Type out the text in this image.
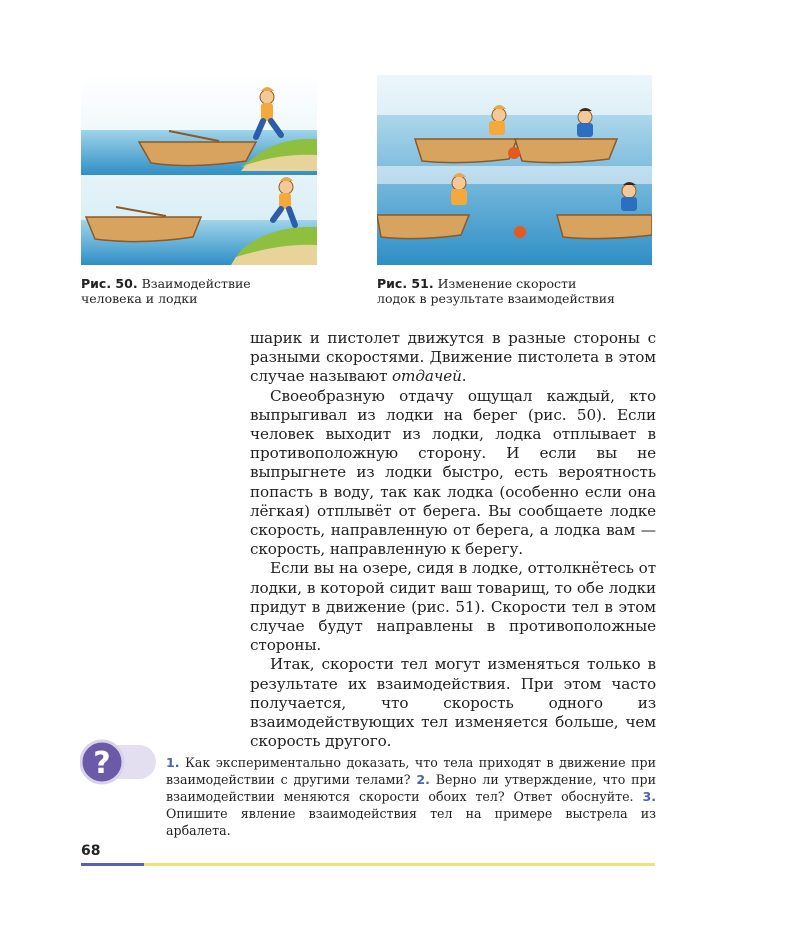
Рис. 50. Взаимодействие
человека и лодки
Рис. 51. Изменение скорости
лодок в результате взаимодействия

шарик и пистолет движутся в разные стороны с разными скоростями. Движение пистолета в этом случае называют отдачей.

Своеобразную отдачу ощущал каждый, кто выпрыгивал из лодки на берег (рис. 50). Если человек выходит из лодки, лодка отплывает в противоположную сторону. И если вы не выпрыгнете из лодки быстро, есть вероятность попасть в воду, так как лодка (особенно если она лёгкая) отплывёт от берега. Вы сообщаете лодке скорость, направленную от берега, а лодка вам — скорость, направленную к берегу.

Если вы на озере, сидя в лодке, оттолкнётесь от лодки, в которой сидит ваш товарищ, то обе лодки придут в движение (рис. 51). Скорости тел в этом случае будут направлены в противоположные стороны.

Итак, скорости тел могут изменяться только в результате их взаимодействия. При этом часто получается, что скорость одного из взаимодействующих тел изменяется больше, чем скорость другого.

?	1. Как экспериментально доказать, что тела приходят в движение при взаимодействии с другими телами? 2. Верно ли утверждение, что при взаимодействии меняются скорости обоих тел? Ответ обоснуйте. 3. Опишите явление взаимодействия тел на примере выстрела из арбалета.
68
